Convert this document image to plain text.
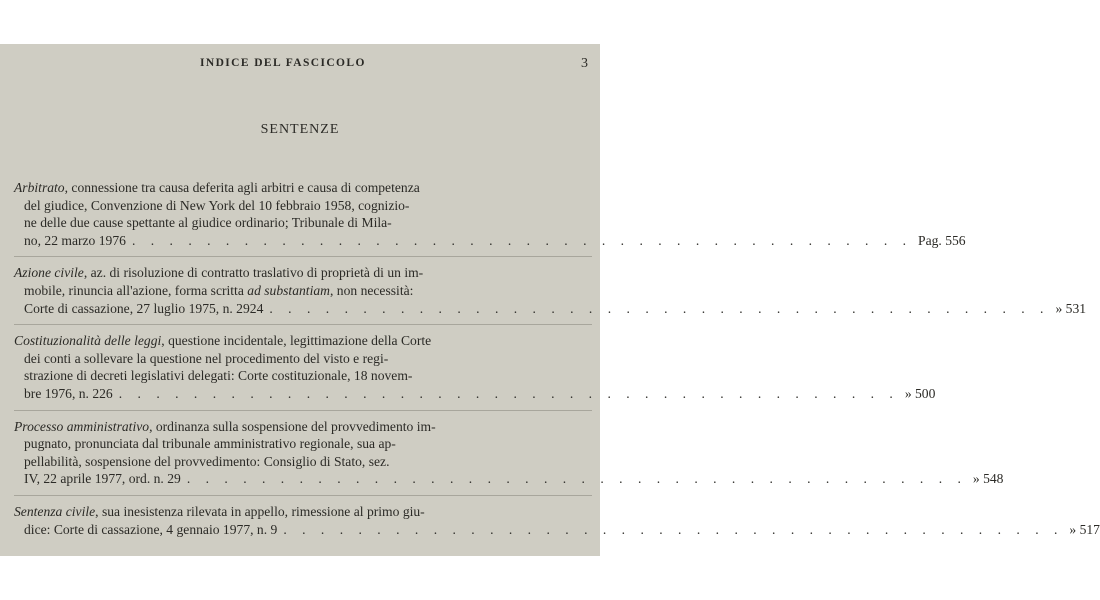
INDICE DEL FASCICOLO	3
SENTENZE
Arbitrato, connessione tra causa deferita agli arbitri e causa di competenza
del giudice, Convenzione di New York del 10 febbraio 1958, cognizio-
ne delle due cause spettante al giudice ordinario; Tribunale di Mila-
no, 22 marzo 1976 . . . . . . . . . . . . . . . . . . . . . . . . . . . . . . . . . . . . . . . . . . Pag. 556
Azione civile, az. di risoluzione di contratto traslativo di proprietà di un im-
mobile, rinuncia all'azione, forma scritta ad substantiam, non necessità:
Corte di cassazione, 27 luglio 1975, n. 2924 . . . . . . . . . . . . . . . . . . . . . . . . . . . . . . . . . . . . . . . . . . » 531
Costituzionalità delle leggi, questione incidentale, legittimazione della Corte
dei conti a sollevare la questione nel procedimento del visto e regi-
strazione di decreti legislativi delegati: Corte costituzionale, 18 novem-
bre 1976, n. 226 . . . . . . . . . . . . . . . . . . . . . . . . . . . . . . . . . . . . . . . . . . » 500
Processo amministrativo, ordinanza sulla sospensione del provvedimento im-
pugnato, pronunciata dal tribunale amministrativo regionale, sua ap-
pellabilità, sospensione del provvedimento: Consiglio di Stato, sez.
IV, 22 aprile 1977, ord. n. 29 . . . . . . . . . . . . . . . . . . . . . . . . . . . . . . . . . . . . . . . . . . » 548
Sentenza civile, sua inesistenza rilevata in appello, rimessione al primo giu-
dice: Corte di cassazione, 4 gennaio 1977, n. 9 . . . . . . . . . . . . . . . . . . . . . . . . . . . . . . . . . . . . . . . . . . » 517
